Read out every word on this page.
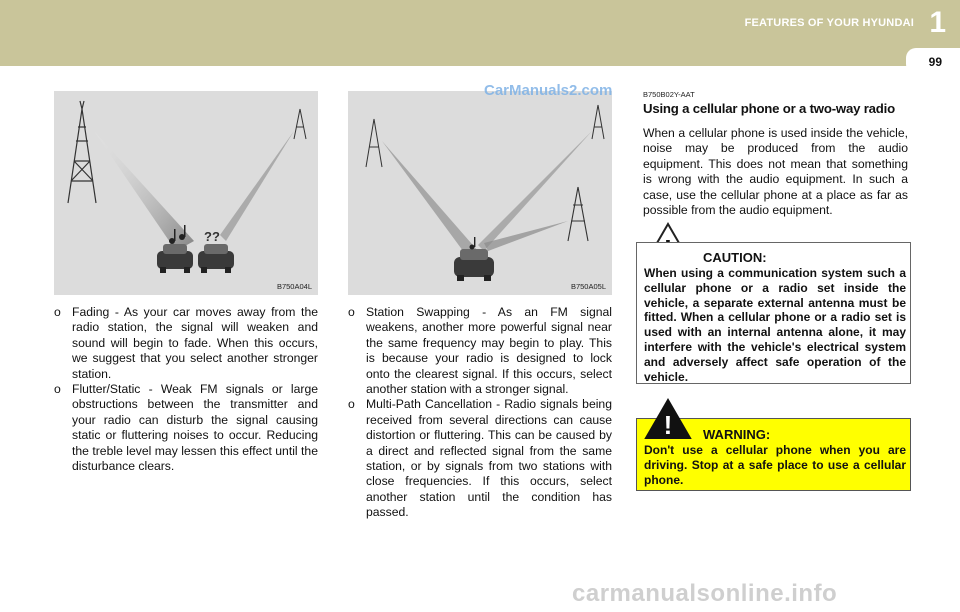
FEATURES OF YOUR HYUNDAI 1
99
??
B750A04L	B750A05L
CarManuals2.com

o Fading - As your car moves away from the radio station, the signal will weaken and sound will begin to fade. When this occurs, we suggest that you select another stronger station.

o Flutter/Static - Weak FM signals or large obstructions between the transmitter and your radio can disturb the signal causing static or fluttering noises to occur. Reducing the treble level may lessen this effect until the disturbance clears.

o Station Swapping - As an FM signal weakens, another more powerful signal near the same frequency may begin to play. This is because your radio is designed to lock onto the clearest signal. If this occurs, select another station with a stronger signal.

o Multi-Path Cancellation - Radio signals being received from several directions can cause distortion or fluttering. This can be caused by a direct and reflected signal from the same station, or by signals from two stations with close frequencies. If this occurs, select another station until the condition has passed.

B750B02Y-AAT
Using a cellular phone or a two-way radio
When a cellular phone is used inside the vehicle, noise may be produced from the audio equipment. This does not mean that something is wrong with the audio equipment. In such a case, use the cellular phone at a place as far as possible from the audio equipment.
CAUTION:
When using a communication system such a cellular phone or a radio set inside the vehicle, a separate external antenna must be fitted. When a cellular phone or a radio set is used with an internal antenna alone, it may interfere with the vehicle's electrical system and adversely affect safe operation of the vehicle.
WARNING:
Don't use a cellular phone when you are driving. Stop at a safe place to use a cellular phone.
!
carmanualsonline.info
